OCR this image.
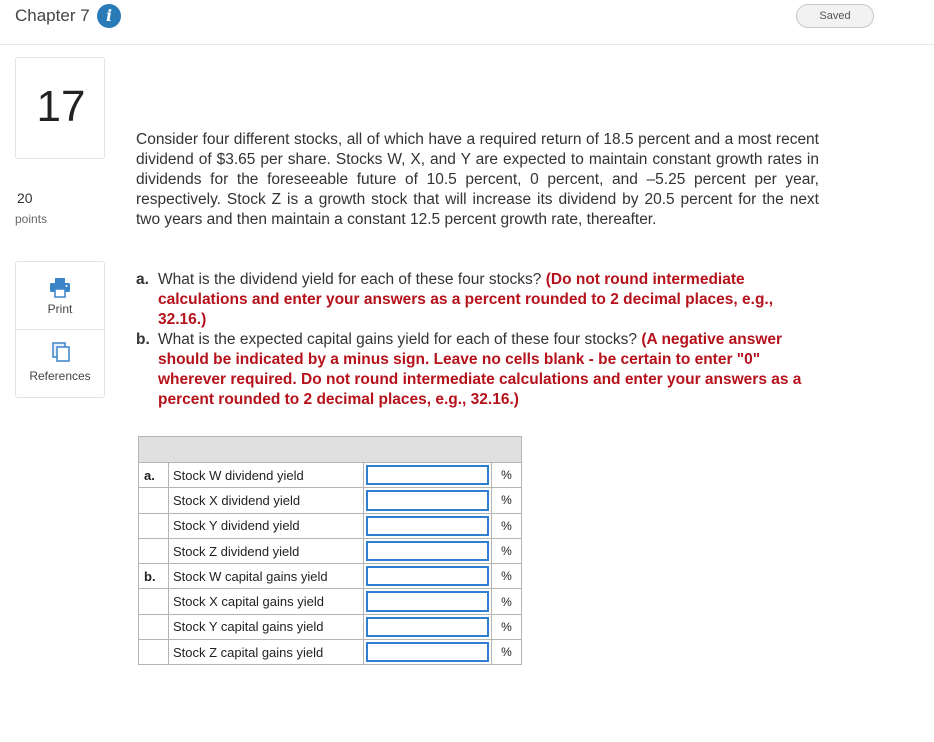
Chapter 7	i	Saved
17
20
points
Print
References
Consider four different stocks, all of which have a required return of 18.5 percent and a most recent dividend of $3.65 per share. Stocks W, X, and Y are expected to maintain constant growth rates in dividends for the foreseeable future of 10.5 percent, 0 percent, and –5.25 percent per year, respectively. Stock Z is a growth stock that will increase its dividend by 20.5 percent for the next two years and then maintain a constant 12.5 percent growth rate, thereafter.
a. What is the dividend yield for each of these four stocks? (Do not round intermediate calculations and enter your answers as a percent rounded to 2 decimal places, e.g., 32.16.)
b. What is the expected capital gains yield for each of these four stocks? (A negative answer should be indicated by a minus sign. Leave no cells blank - be certain to enter "0" wherever required. Do not round intermediate calculations and enter your answers as a percent rounded to 2 decimal places, e.g., 32.16.)

a.	Stock W dividend yield		%
	Stock X dividend yield		%
	Stock Y dividend yield		%
	Stock Z dividend yield		%
b.	Stock W capital gains yield		%
	Stock X capital gains yield		%
	Stock Y capital gains yield		%
	Stock Z capital gains yield		%
